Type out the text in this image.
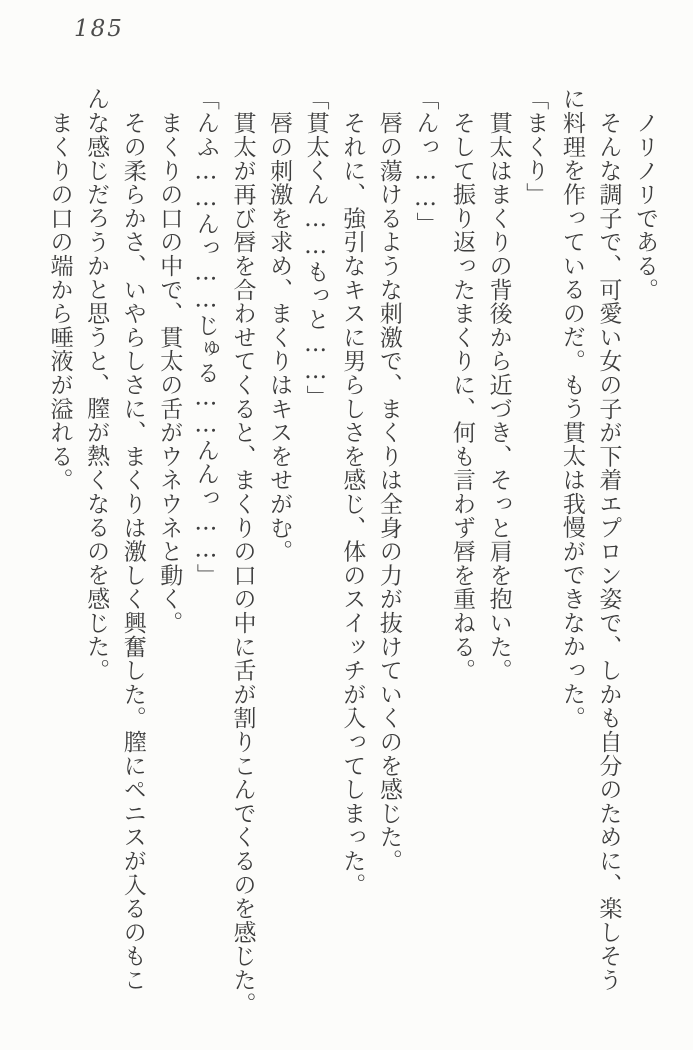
185
ノリノリである。
そんな調子で、可愛い女の子が下着エプロン姿で、しかも自分のために、楽しそう
に料理を作っているのだ。もう貫太は我慢ができなかった。
「まくり」
貫太はまくりの背後から近づき、そっと肩を抱いた。
そして振り返ったまくりに、何も言わず唇を重ねる。
「んっ……」
唇の蕩けるような刺激で、まくりは全身の力が抜けていくのを感じた。
それに、強引なキスに男らしさを感じ、体のスイッチが入ってしまった。
「貫太くん……もっと……」
唇の刺激を求め、まくりはキスをせがむ。
貫太が再び唇を合わせてくると、まくりの口の中に舌が割りこんでくるのを感じた。
「んふ……んっ……じゅる……んんっ……」
まくりの口の中で、貫太の舌がウネウネと動く。
その柔らかさ、いやらしさに、まくりは激しく興奮した。膣にペニスが入るのもこ
んな感じだろうかと思うと、膣が熱くなるのを感じた。
まくりの口の端から唾液が溢れる。
